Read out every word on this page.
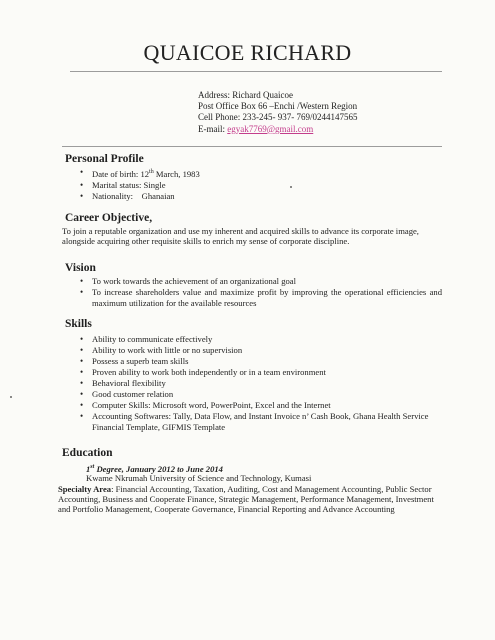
QUAICOE RICHARD
Address: Richard Quaicoe
Post Office Box 66 –Enchi /Western Region
Cell Phone: 233-245- 937- 769/0244147565
E-mail: egyak7769@gmail.com
Personal Profile
• Date of birth: 12th March, 1983
• Marital status: Single
• Nationality:    Ghanaian
Career Objective,
To join a reputable organization and use my inherent and acquired skills to advance its corporate image, alongside acquiring other requisite skills to enrich my sense of corporate discipline.
Vision
• To work towards the achievement of an organizational goal
• To increase shareholders value and maximize profit by improving the operational efficiencies and maximum utilization for the available resources
Skills
• Ability to communicate effectively
• Ability to work with little or no supervision
• Possess a superb team skills
• Proven ability to work both independently or in a team environment
• Behavioral flexibility
• Good customer relation
• Computer Skills: Microsoft word, PowerPoint, Excel and the Internet
• Accounting Softwares: Tally, Data Flow, and Instant Invoice n’ Cash Book, Ghana Health Service Financial Template, GIFMIS Template
Education
1st Degree, January 2012 to June 2014
Kwame Nkrumah University of Science and Technology, Kumasi
Specialty Area: Financial Accounting, Taxation, Auditing, Cost and Management Accounting, Public Sector Accounting, Business and Cooperate Finance, Strategic Management, Performance Management, Investment and Portfolio Management, Cooperate Governance, Financial Reporting and Advance Accounting
